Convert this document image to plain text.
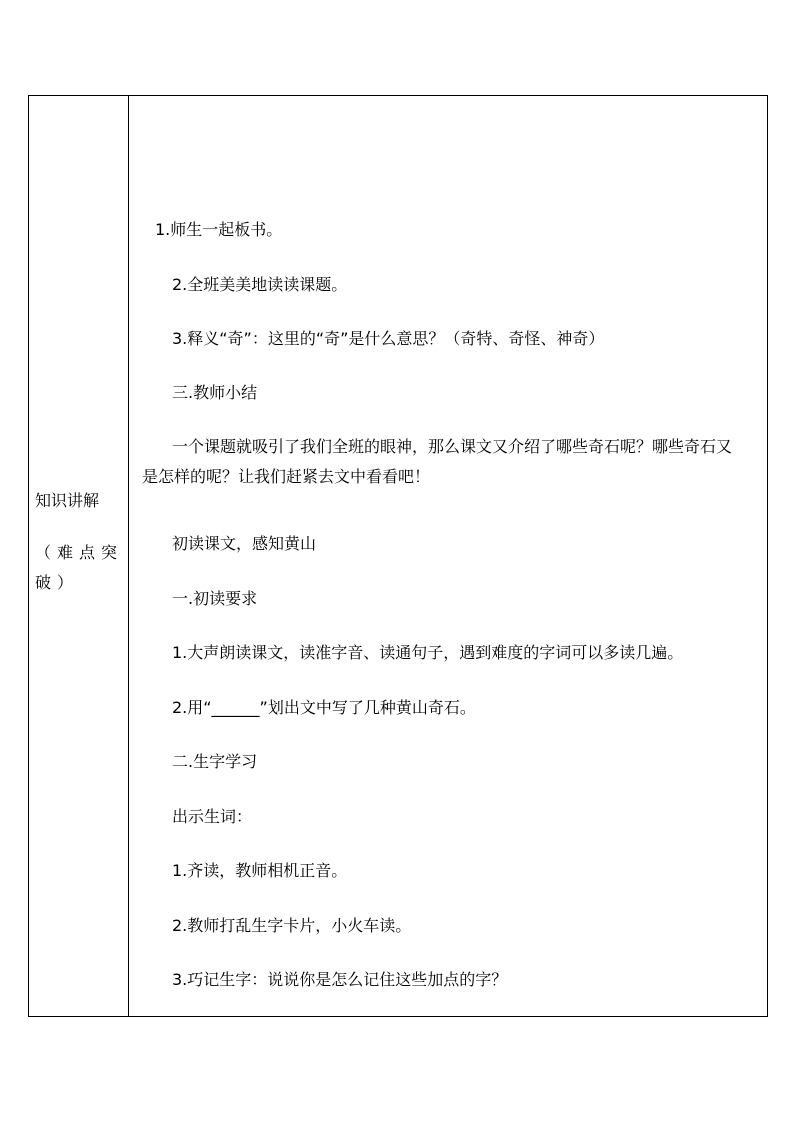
知识讲解
（难点突破）
1.师生一起板书。
2.全班美美地读读课题。
3.释义“奇”：这里的“奇”是什么意思？（奇特、奇怪、神奇）
三.教师小结
一个课题就吸引了我们全班的眼神，那么课文又介绍了哪些奇石呢？哪些奇石又是怎样的呢？让我们赶紧去文中看看吧！
初读课文，感知黄山
一.初读要求
1.大声朗读课文，读准字音、读通句子，遇到难度的字词可以多读几遍。
2.用“______”划出文中写了几种黄山奇石。
二.生字学习
出示生词：
1.齐读，教师相机正音。
2.教师打乱生字卡片，小火车读。
3.巧记生字：说说你是怎么记住这些加点的字？
